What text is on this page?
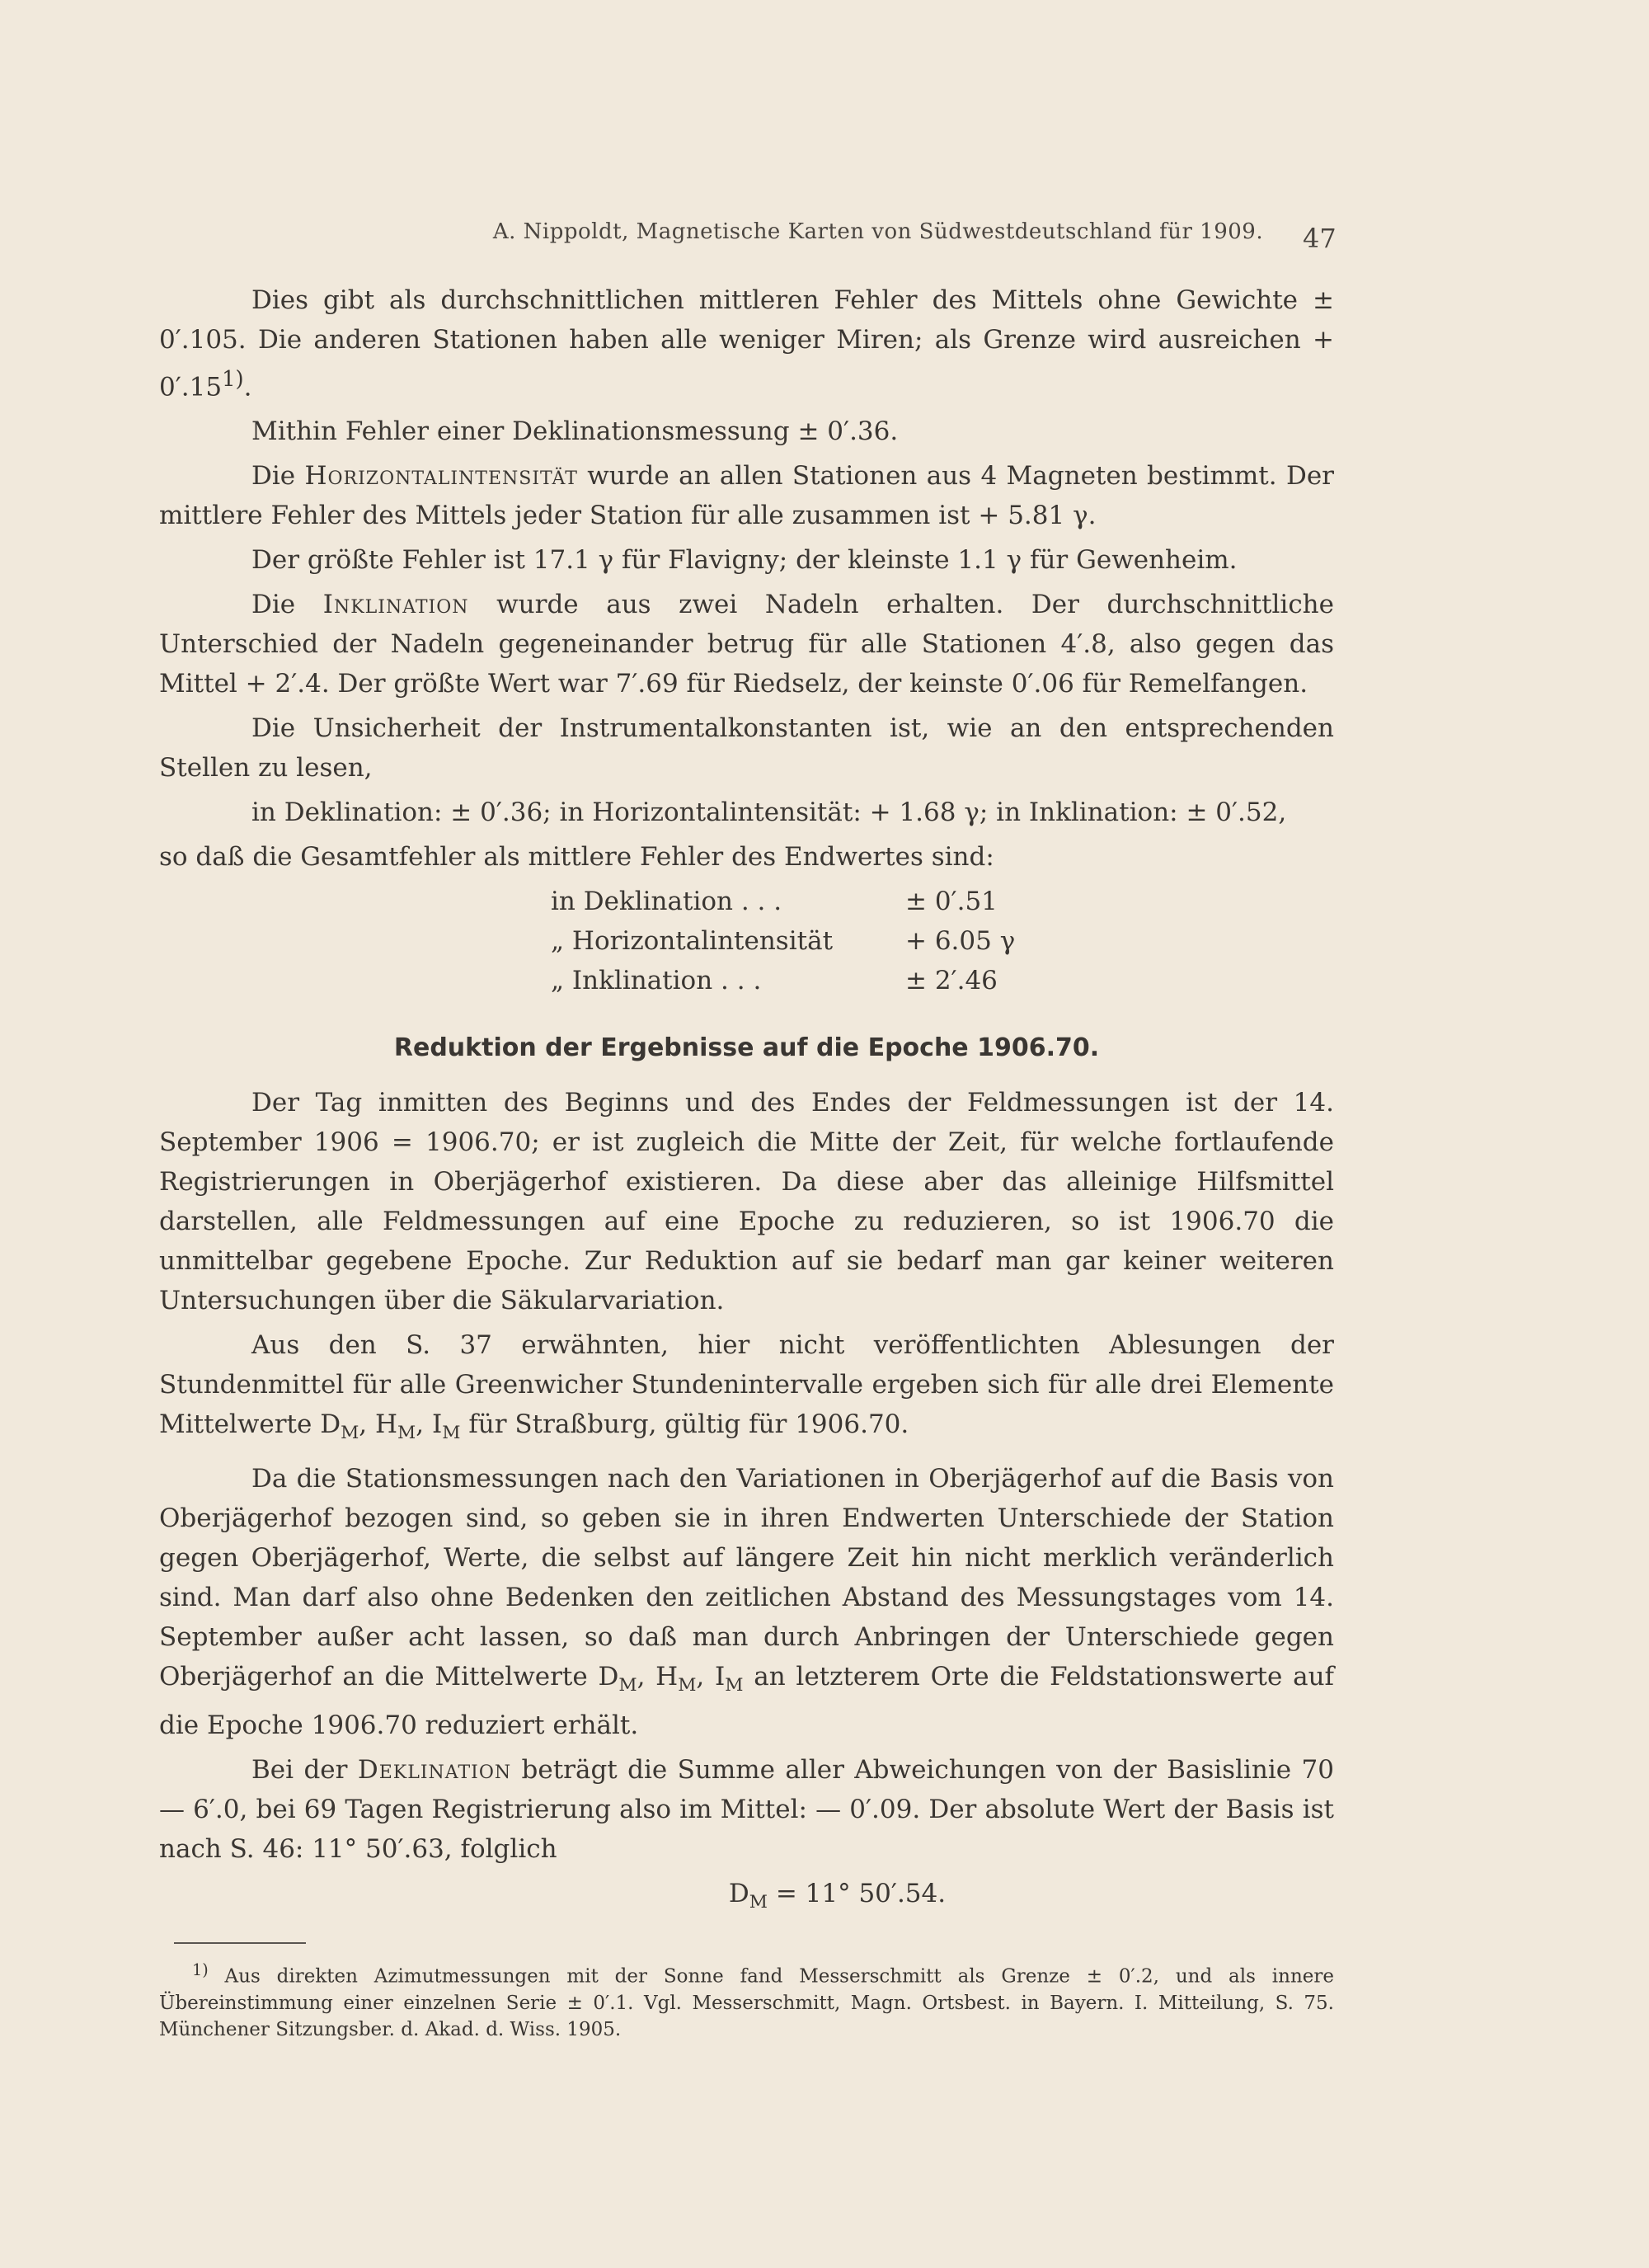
A. Nippoldt, Magnetische Karten von Südwestdeutschland für 1909.	47

Dies gibt als durchschnittlichen mittleren Fehler des Mittels ohne Gewichte ± 0′.105. Die anderen Stationen haben alle weniger Miren; als Grenze wird ausreichen + $0'.15^{1)}$.

Mithin Fehler einer Deklinationsmessung ± 0′.36.

Die Horizontalintensität wurde an allen Stationen aus 4 Magneten bestimmt. Der mittlere Fehler des Mittels jeder Station für alle zusammen ist + 5.81 γ.

Der größte Fehler ist 17.1 γ für Flavigny; der kleinste 1.1 γ für Gewenheim.

Die Inklination wurde aus zwei Nadeln erhalten. Der durchschnittliche Unterschied der Nadeln gegeneinander betrug für alle Stationen 4′.8, also gegen das Mittel + 2′.4. Der größte Wert war 7′.69 für Riedselz, der keinste 0′.06 für Remelfangen.

Die Unsicherheit der Instrumentalkonstanten ist, wie an den entsprechenden Stellen zu lesen,

in Deklination: ± 0′.36; in Horizontalintensität: + 1.68 γ; in Inklination: ± 0′.52,

so daß die Gesamtfehler als mittlere Fehler des Endwertes sind:

in Deklination . . .	± 0′.51
„ Horizontalintensität	+ 6.05 γ
„ Inklination . . .	± 2′.46
Reduktion der Ergebnisse auf die Epoche 1906.70.

Der Tag inmitten des Beginns und des Endes der Feldmessungen ist der 14. September 1906 = 1906.70; er ist zugleich die Mitte der Zeit, für welche fortlaufende Registrierungen in Oberjägerhof existieren. Da diese aber das alleinige Hilfsmittel darstellen, alle Feldmessungen auf eine Epoche zu reduzieren, so ist 1906.70 die unmittelbar gegebene Epoche. Zur Reduktion auf sie bedarf man gar keiner weiteren Untersuchungen über die Säkularvariation.

Aus den S. 37 erwähnten, hier nicht veröffentlichten Ablesungen der Stundenmittel für alle Greenwicher Stundenintervalle ergeben sich für alle drei Elemente Mittelwerte $D_M$, $H_M$, $I_M$ für Straßburg, gültig für 1906.70.

Da die Stationsmessungen nach den Variationen in Oberjägerhof auf die Basis von Oberjägerhof bezogen sind, so geben sie in ihren Endwerten Unterschiede der Station gegen Oberjägerhof, Werte, die selbst auf längere Zeit hin nicht merklich veränderlich sind. Man darf also ohne Bedenken den zeitlichen Abstand des Messungstages vom 14. September außer acht lassen, so daß man durch Anbringen der Unterschiede gegen Oberjägerhof an die Mittelwerte $D_M$, $H_M$, $I_M$ an letzterem Orte die Feldstationswerte auf die Epoche 1906.70 reduziert erhält.

Bei der Deklination beträgt die Summe aller Abweichungen von der Basislinie 70 — 6′.0, bei 69 Tagen Registrierung also im Mittel: — 0′.09. Der absolute Wert der Basis ist nach S. 46: 11° 50′.63, folglich

$D_M = 11^\circ$ 50′.54.
$^{1)}$ Aus direkten Azimutmessungen mit der Sonne fand Messerschmitt als Grenze ± 0′.2, und als innere Übereinstimmung einer einzelnen Serie ± 0′.1. Vgl. Messerschmitt, Magn. Ortsbest. in Bayern. I. Mitteilung, S. 75. Münchener Sitzungsber. d. Akad. d. Wiss. 1905.
